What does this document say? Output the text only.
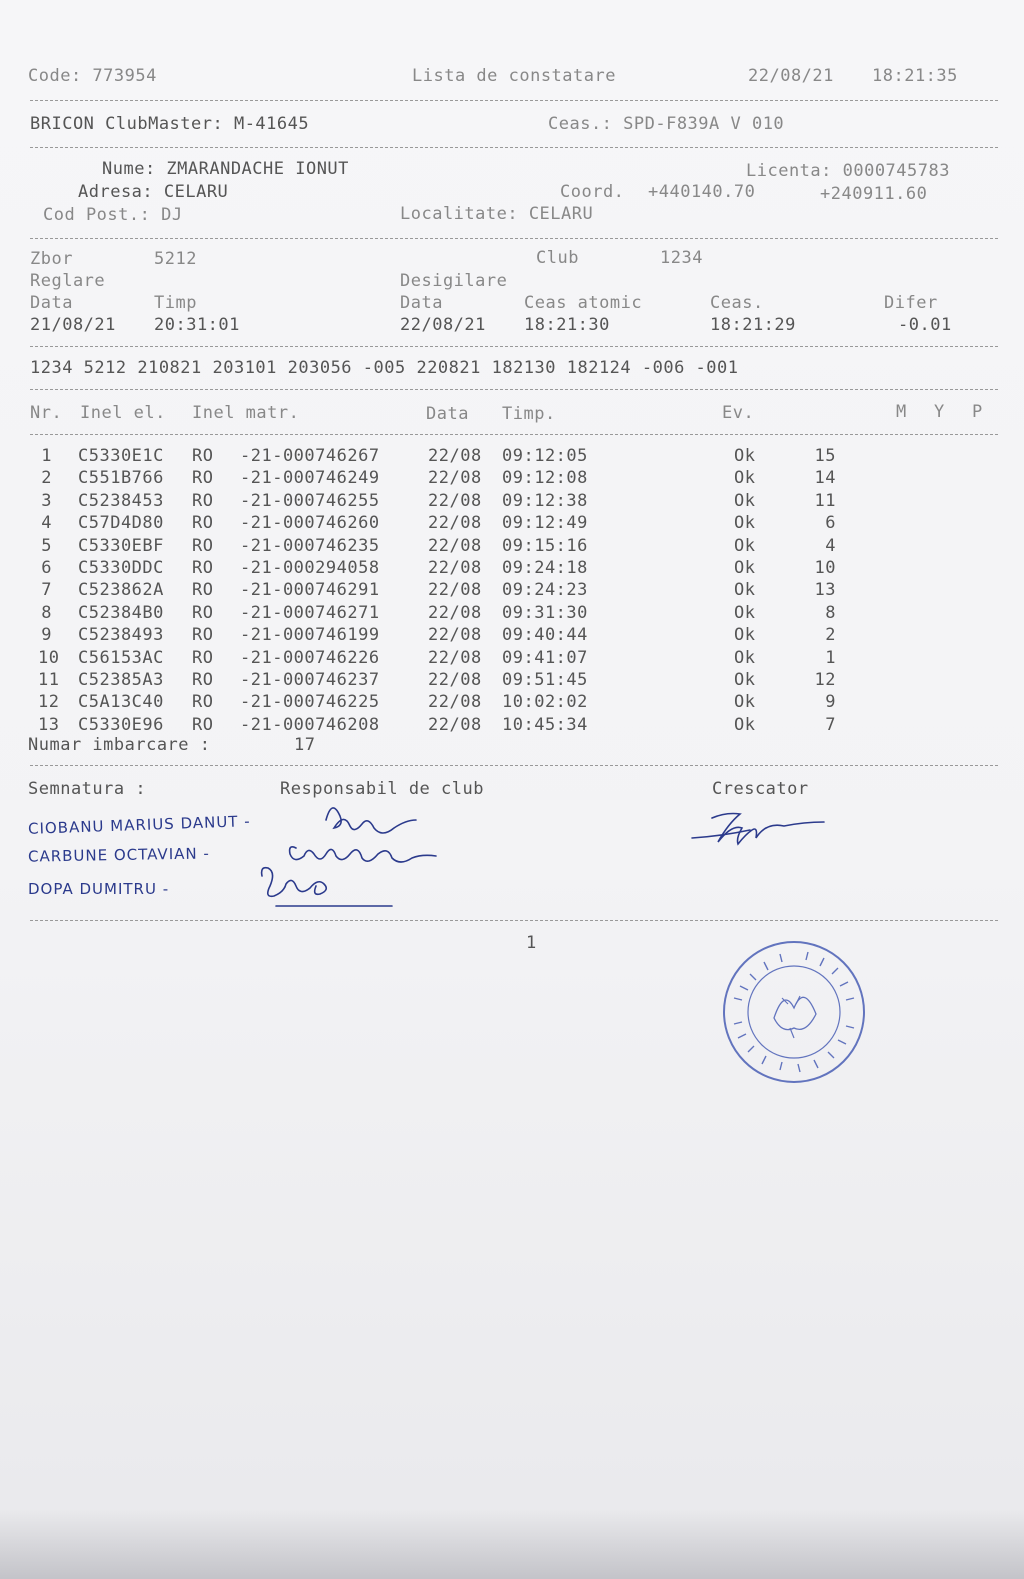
Code: 773954	Lista de constatare	22/08/21 18:21:35
BRICON ClubMaster: M-41645	Ceas.: SPD-F839A V 010
Nume: ZMARANDACHE IONUT	Licenta: 0000745783
Adresa: CELARU	Coord. +440140.70	+240911.60
Cod Post.: DJ	Localitate: CELARU
Zbor	5212	Club	1234
Reglare	Desigilare
Data	Timp	Data	Ceas atomic	Ceas.	Difer
21/08/21 20:31:01	22/08/21 18:21:30	18:21:29	-0.01
1234 5212 210821 203101 203056 -005 220821 182130 182124 -006 -001
Nr. Inel el. Inel matr.	Data Timp.	Ev.	M Y P
1 C5330E1C RO -21-000746267	22/08 09:12:05	Ok	15
2 C551B766 RO -21-000746249	22/08 09:12:08	Ok	14
3 C5238453 RO -21-000746255	22/08 09:12:38	Ok	11
4 C57D4D80 RO -21-000746260	22/08 09:12:49	Ok	6
5 C5330EBF RO -21-000746235	22/08 09:15:16	Ok	4
6 C5330DDC RO -21-000294058	22/08 09:24:18	Ok	10
7 C523862A RO -21-000746291	22/08 09:24:23	Ok	13
8 C52384B0 RO -21-000746271	22/08 09:31:30	Ok	8
9 C5238493 RO -21-000746199	22/08 09:40:44	Ok	2
10 C56153AC RO -21-000746226	22/08 09:41:07	Ok	1
11 C52385A3 RO -21-000746237	22/08 09:51:45	Ok	12
12 C5A13C40 RO -21-000746225	22/08 10:02:02	Ok	9
13 C5330E96 RO -21-000746208	22/08 10:45:34	Ok	7
Numar imbarcare :	17
Semnatura :	Responsabil de club	Crescator
CIOBANU MARIUS DANUT -
CARBUNE OCTAVIAN -
DOPA DUMITRU -
1
